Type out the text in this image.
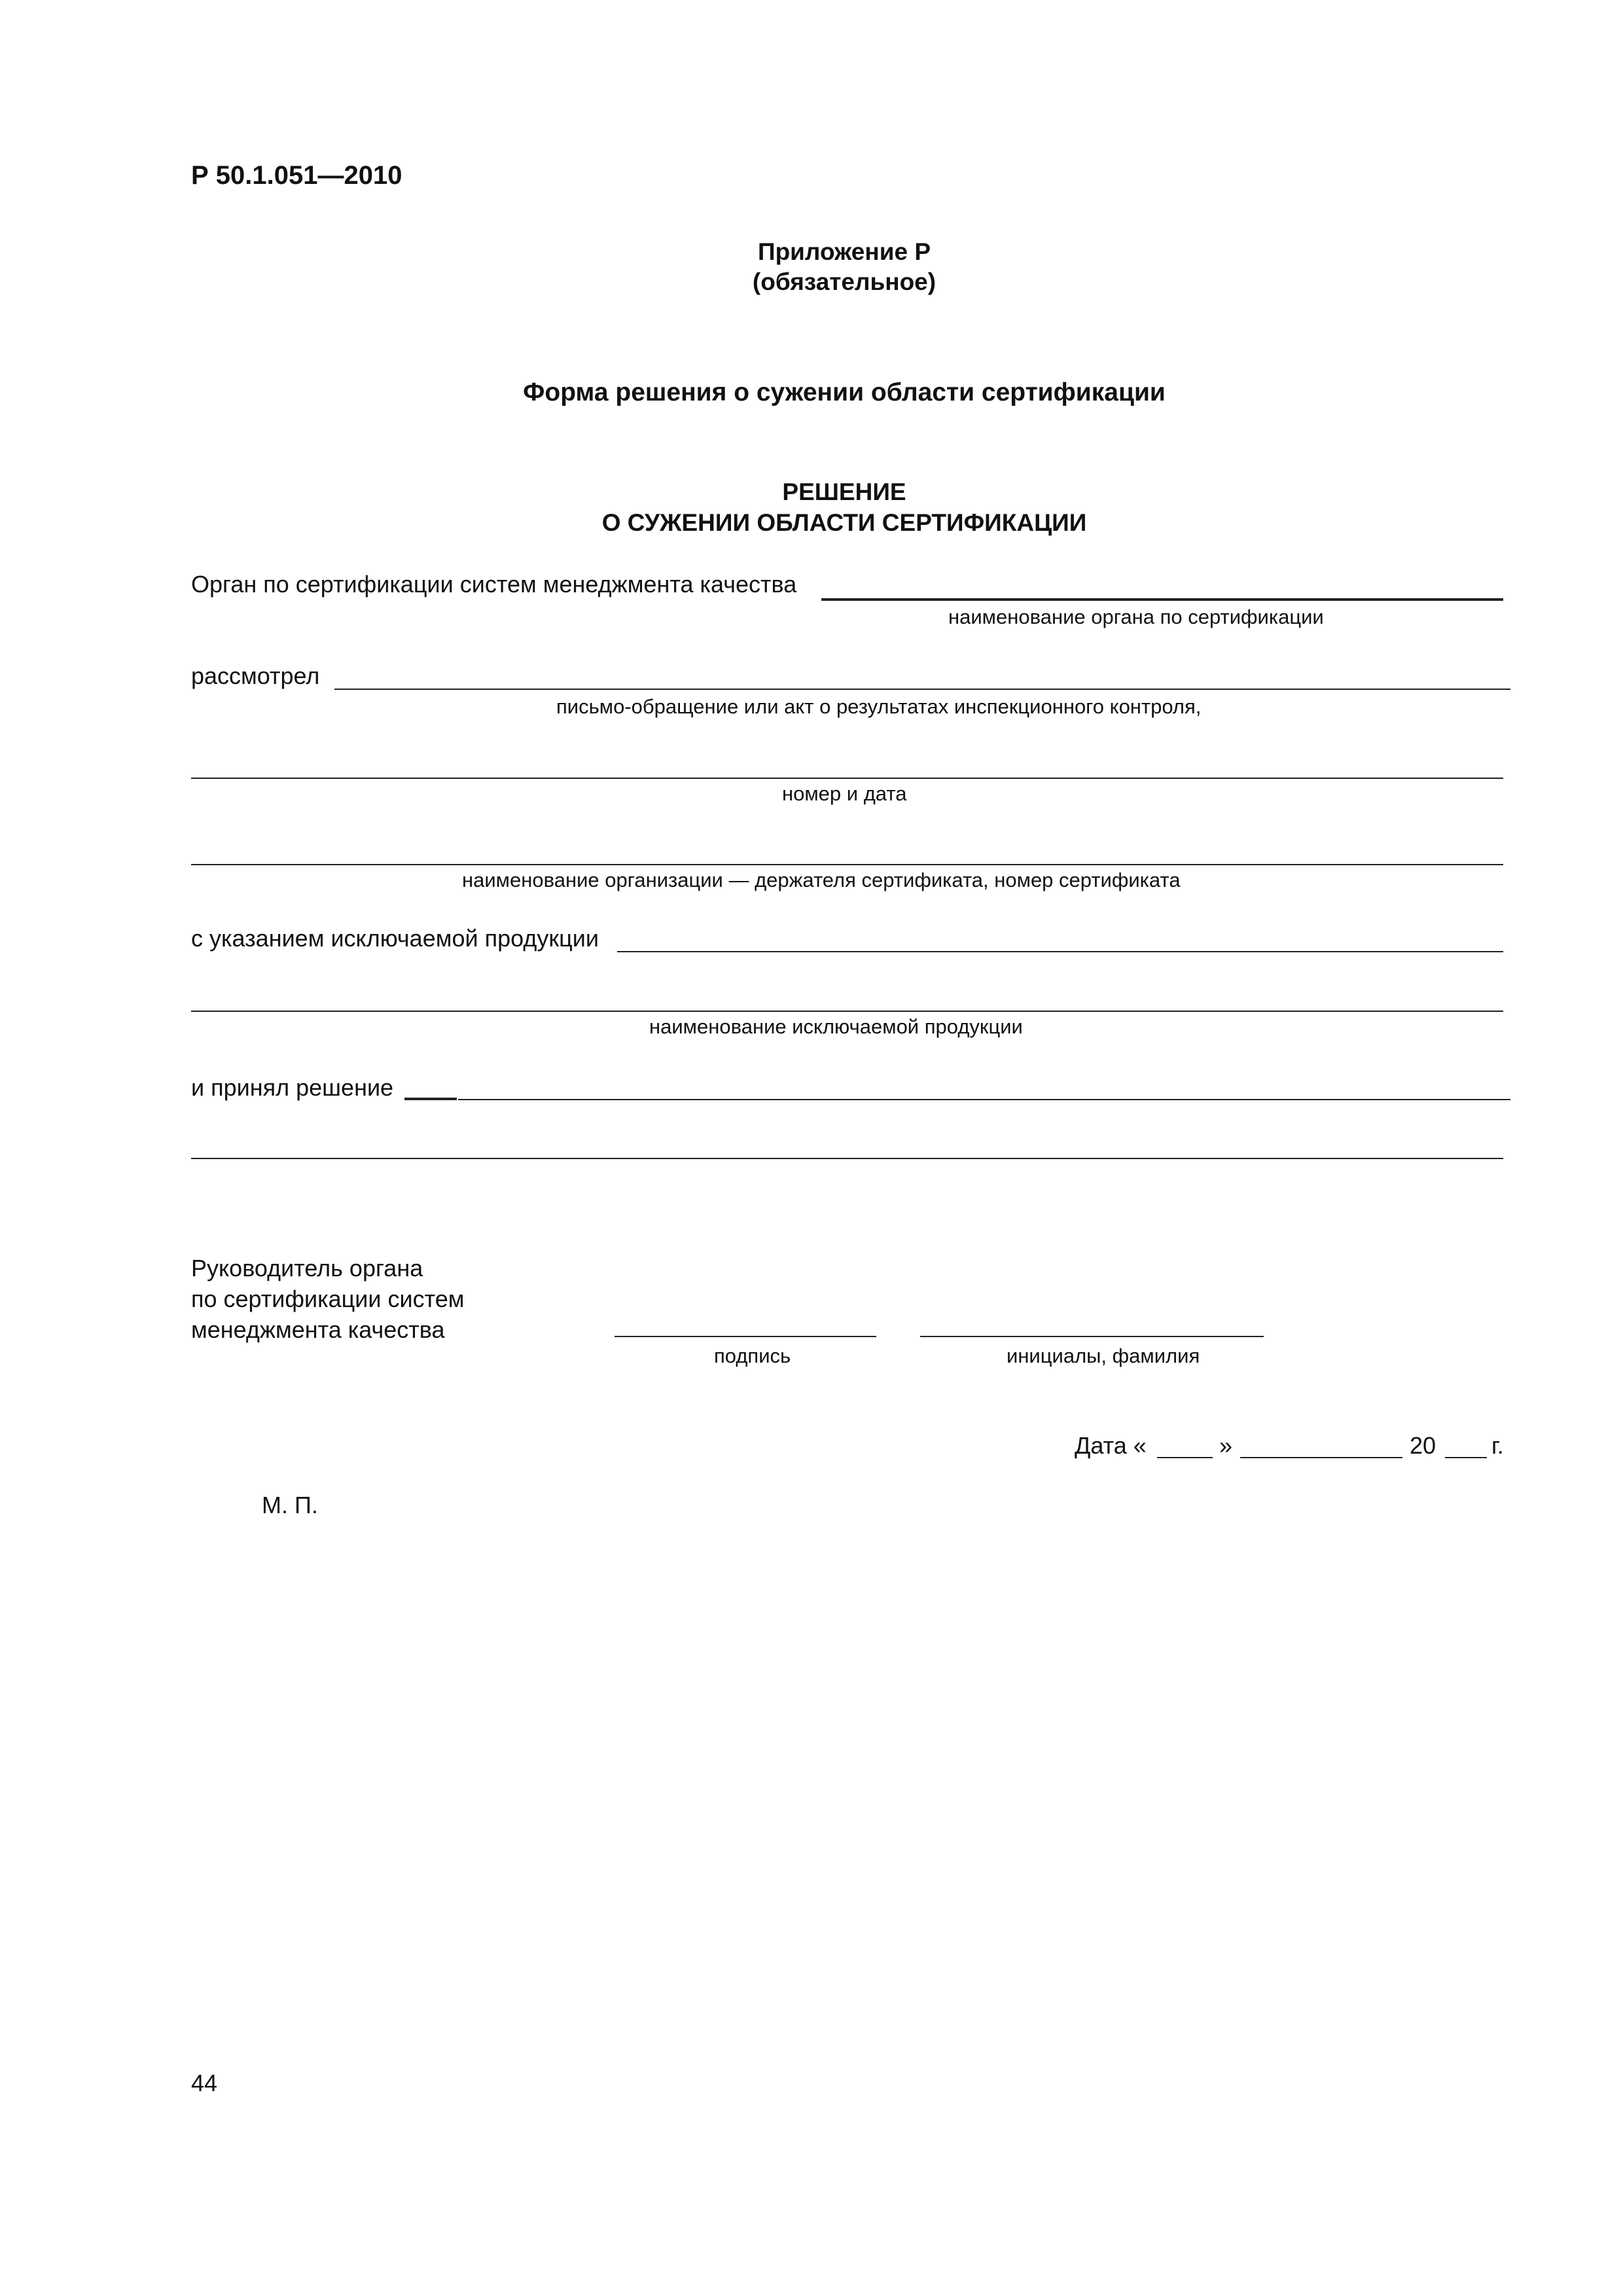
Р 50.1.051—2010
Приложение Р
(обязательное)
Форма решения о сужении области сертификации
РЕШЕНИЕ
О СУЖЕНИИ ОБЛАСТИ СЕРТИФИКАЦИИ
Орган по сертификации систем менеджмента качества
наименование органа по сертификации
рассмотрел
письмо-обращение или акт о результатах инспекционного контроля,
номер и дата
наименование организации — держателя сертификата, номер сертификата
с указанием исключаемой продукции
наименование исключаемой продукции
и принял решение
Руководитель органа
по сертификации систем
менеджмента качества
подпись	инициалы, фамилия
Дата «	»	20 г.
М. П.
44
